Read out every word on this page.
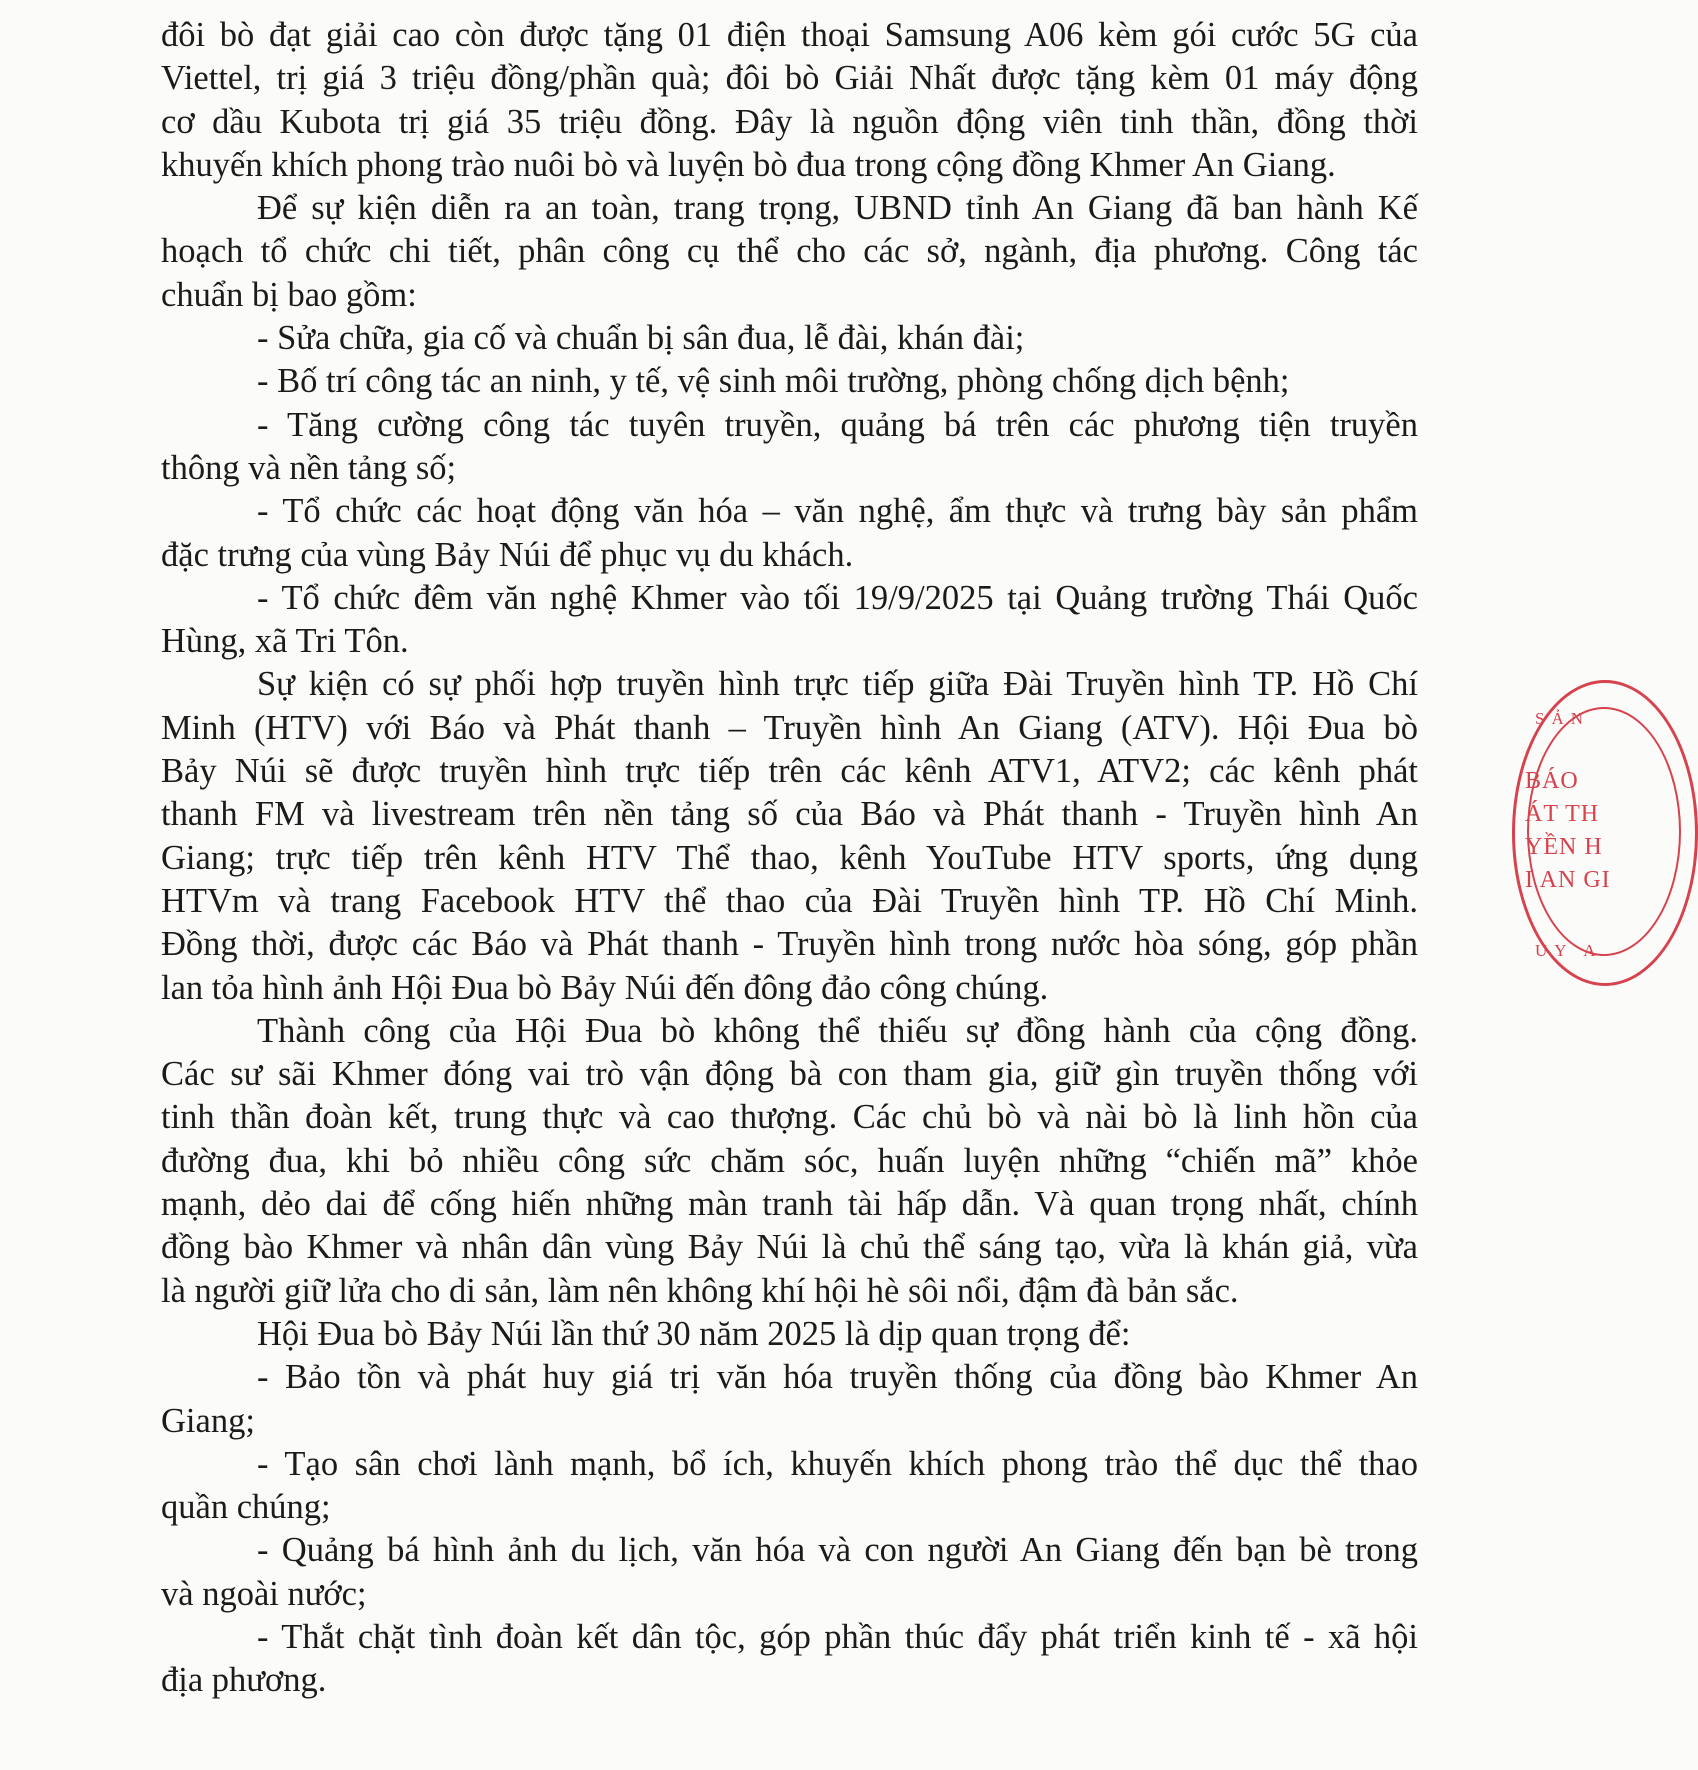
đôi bò đạt giải cao còn được tặng 01 điện thoại Samsung A06 kèm gói cước 5G của
Viettel, trị giá 3 triệu đồng/phần quà; đôi bò Giải Nhất được tặng kèm 01 máy động
cơ dầu Kubota trị giá 35 triệu đồng. Đây là nguồn động viên tinh thần, đồng thời
khuyến khích phong trào nuôi bò và luyện bò đua trong cộng đồng Khmer An Giang.
Để sự kiện diễn ra an toàn, trang trọng, UBND tỉnh An Giang đã ban hành Kế
hoạch tổ chức chi tiết, phân công cụ thể cho các sở, ngành, địa phương. Công tác
chuẩn bị bao gồm:
- Sửa chữa, gia cố và chuẩn bị sân đua, lễ đài, khán đài;
- Bố trí công tác an ninh, y tế, vệ sinh môi trường, phòng chống dịch bệnh;
- Tăng cường công tác tuyên truyền, quảng bá trên các phương tiện truyền
thông và nền tảng số;
- Tổ chức các hoạt động văn hóa – văn nghệ, ẩm thực và trưng bày sản phẩm
đặc trưng của vùng Bảy Núi để phục vụ du khách.
- Tổ chức đêm văn nghệ Khmer vào tối 19/9/2025 tại Quảng trường Thái Quốc
Hùng, xã Tri Tôn.
Sự kiện có sự phối hợp truyền hình trực tiếp giữa Đài Truyền hình TP. Hồ Chí
Minh (HTV) với Báo và Phát thanh – Truyền hình An Giang (ATV). Hội Đua bò
Bảy Núi sẽ được truyền hình trực tiếp trên các kênh ATV1, ATV2; các kênh phát
thanh FM và livestream trên nền tảng số của Báo và Phát thanh - Truyền hình An
Giang; trực tiếp trên kênh HTV Thể thao, kênh YouTube HTV sports, ứng dụng
HTVm và trang Facebook HTV thể thao của Đài Truyền hình TP. Hồ Chí Minh.
Đồng thời, được các Báo và Phát thanh - Truyền hình trong nước hòa sóng, góp phần
lan tỏa hình ảnh Hội Đua bò Bảy Núi đến đông đảo công chúng.
Thành công của Hội Đua bò không thể thiếu sự đồng hành của cộng đồng.
Các sư sãi Khmer đóng vai trò vận động bà con tham gia, giữ gìn truyền thống với
tinh thần đoàn kết, trung thực và cao thượng. Các chủ bò và nài bò là linh hồn của
đường đua, khi bỏ nhiều công sức chăm sóc, huấn luyện những “chiến mã” khỏe
mạnh, dẻo dai để cống hiến những màn tranh tài hấp dẫn. Và quan trọng nhất, chính
đồng bào Khmer và nhân dân vùng Bảy Núi là chủ thể sáng tạo, vừa là khán giả, vừa
là người giữ lửa cho di sản, làm nên không khí hội hè sôi nổi, đậm đà bản sắc.
Hội Đua bò Bảy Núi lần thứ 30 năm 2025 là dịp quan trọng để:
- Bảo tồn và phát huy giá trị văn hóa truyền thống của đồng bào Khmer An
Giang;
- Tạo sân chơi lành mạnh, bổ ích, khuyến khích phong trào thể dục thể thao
quần chúng;
- Quảng bá hình ảnh du lịch, văn hóa và con người An Giang đến bạn bè trong
và ngoài nước;
- Thắt chặt tình đoàn kết dân tộc, góp phần thúc đẩy phát triển kinh tế - xã hội
địa phương.
SẢN
BÁO
ÁT TH
YỀN H
I AN GI
ỦY A
